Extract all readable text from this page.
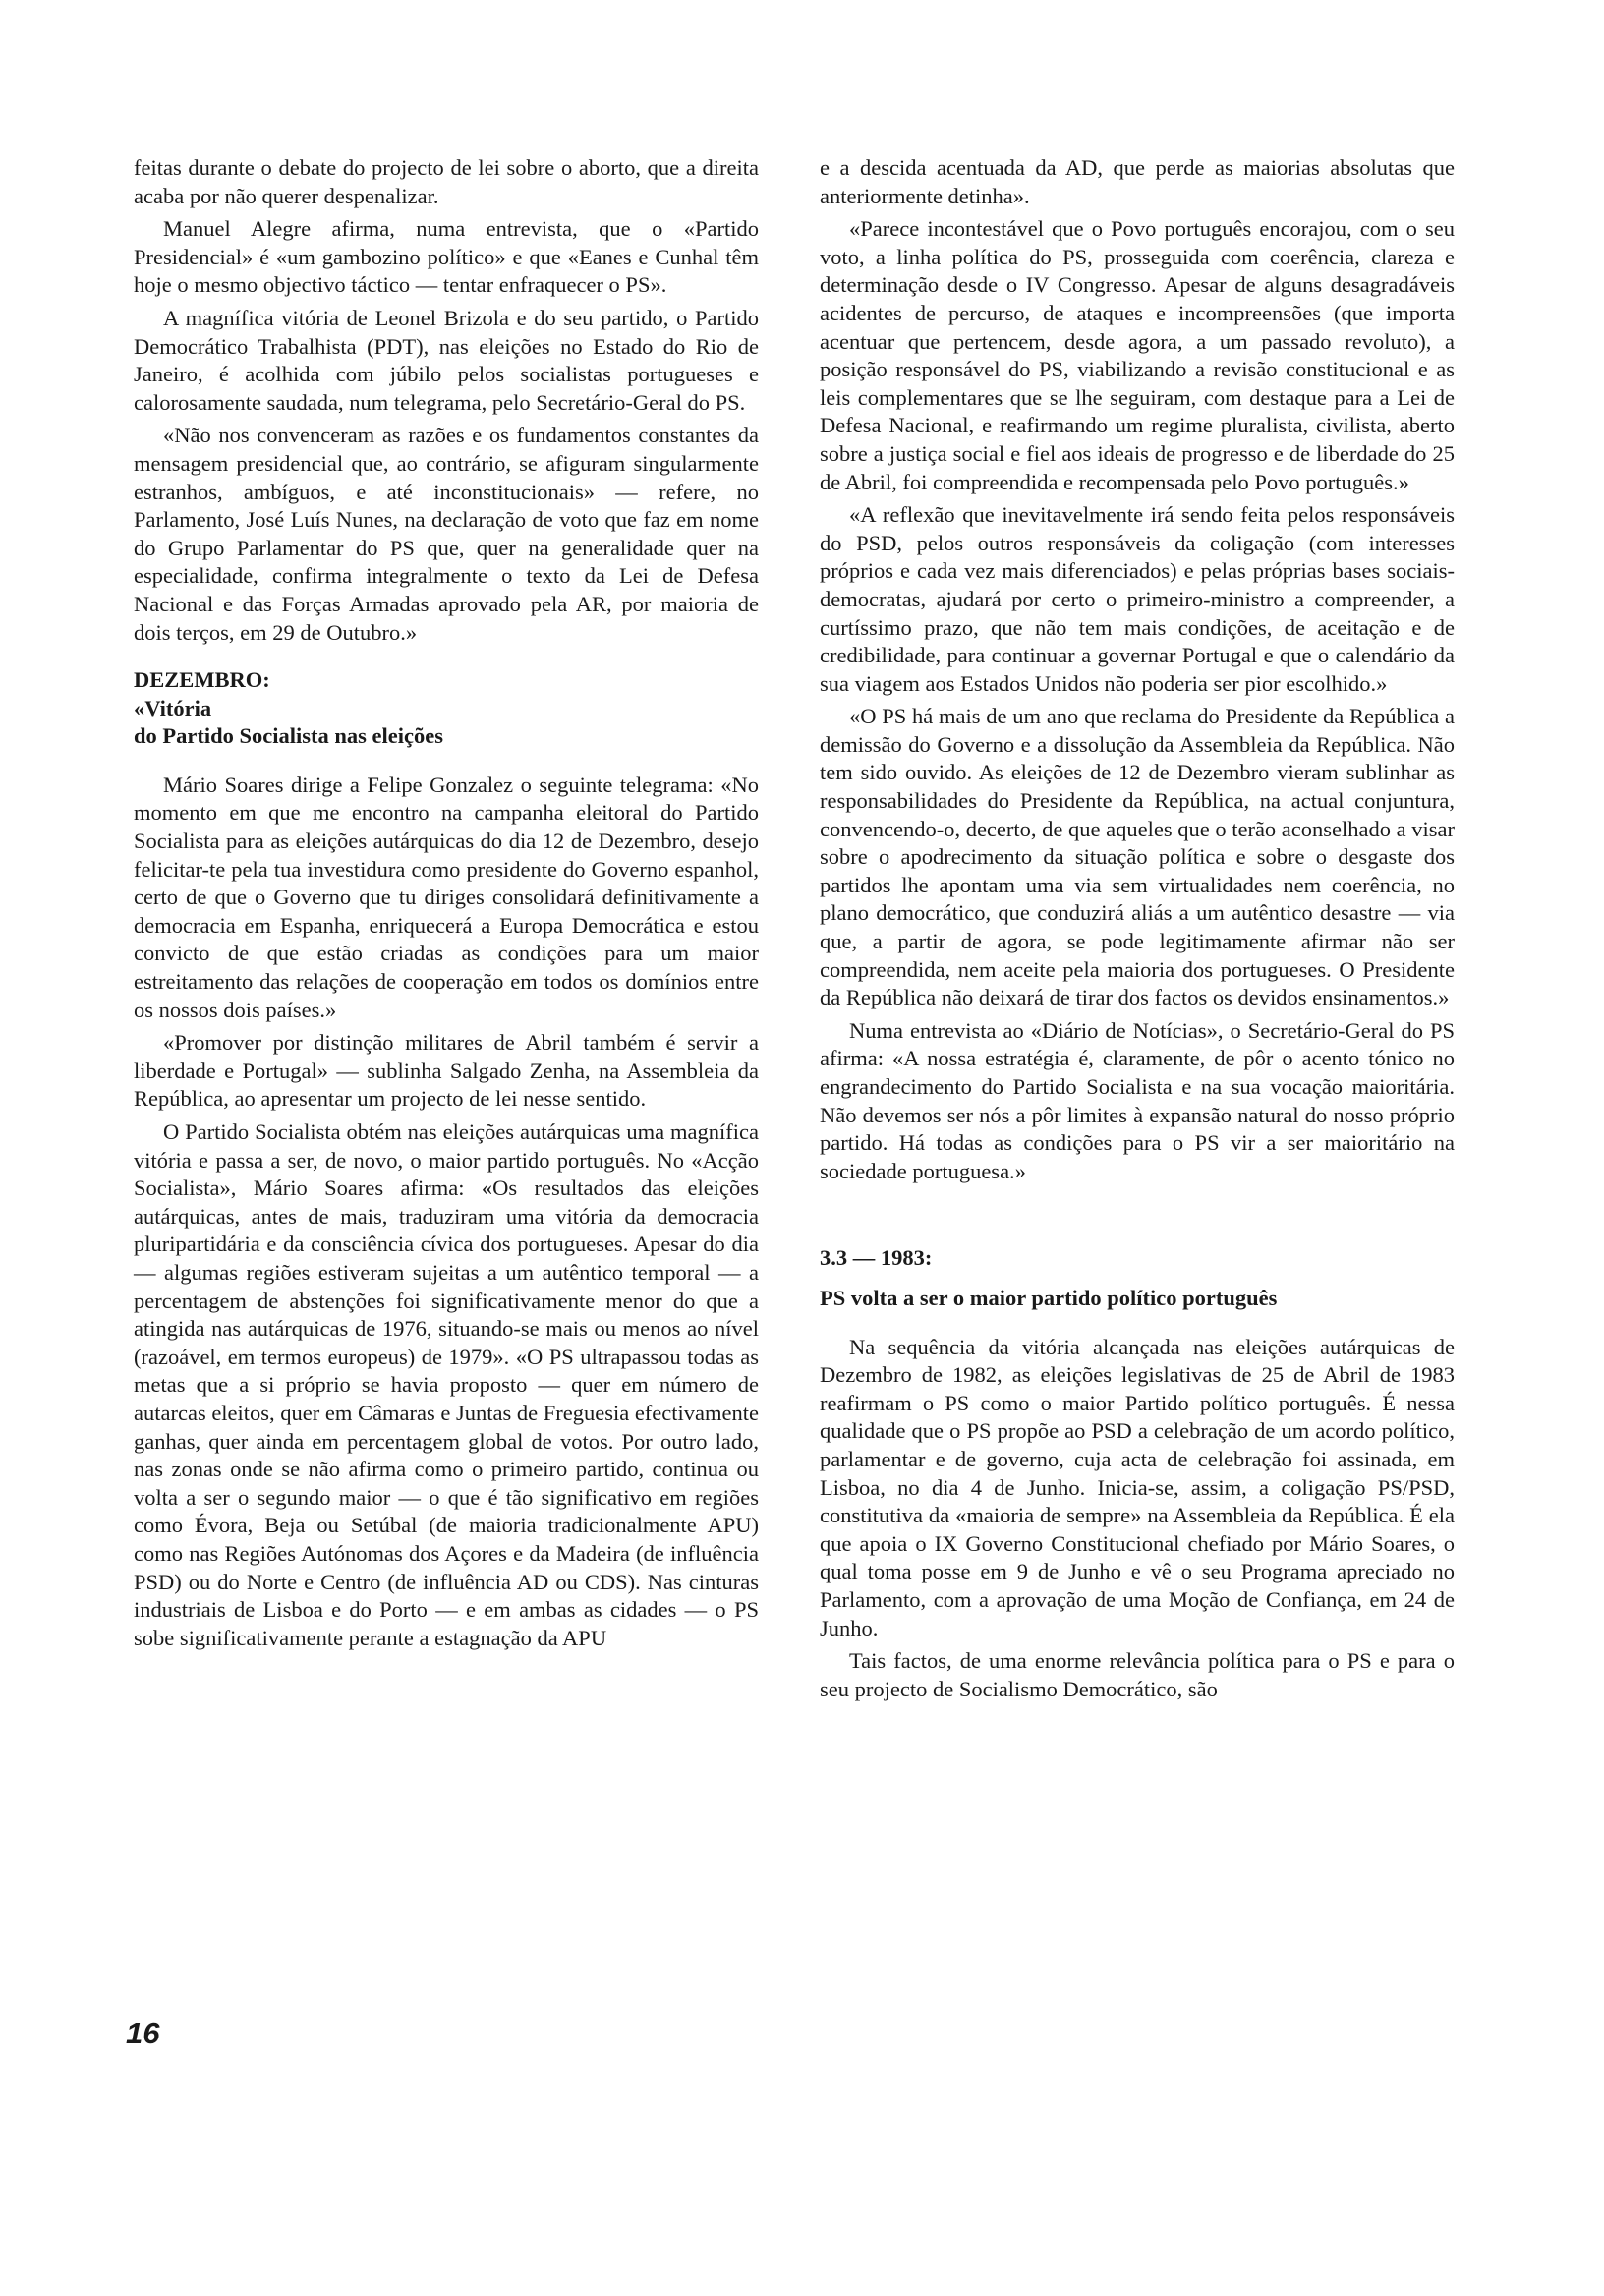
feitas durante o debate do projecto de lei sobre o aborto, que a direita acaba por não querer despenalizar.

Manuel Alegre afirma, numa entrevista, que o «Partido Presidencial» é «um gambozino político» e que «Eanes e Cunhal têm hoje o mesmo objectivo táctico — tentar enfraquecer o PS».

A magnífica vitória de Leonel Brizola e do seu partido, o Partido Democrático Trabalhista (PDT), nas eleições no Estado do Rio de Janeiro, é acolhida com júbilo pelos socialistas portugueses e calorosamente saudada, num telegrama, pelo Secretário-Geral do PS.

«Não nos convenceram as razões e os fundamentos constantes da mensagem presidencial que, ao contrário, se afiguram singularmente estranhos, ambíguos, e até inconstitucionais» — refere, no Parlamento, José Luís Nunes, na declaração de voto que faz em nome do Grupo Parlamentar do PS que, quer na generalidade quer na especialidade, confirma integralmente o texto da Lei de Defesa Nacional e das Forças Armadas aprovado pela AR, por maioria de dois terços, em 29 de Outubro.»

DEZEMBRO:
«Vitória
do Partido Socialista nas eleições

Mário Soares dirige a Felipe Gonzalez o seguinte telegrama: «No momento em que me encontro na campanha eleitoral do Partido Socialista para as eleições autárquicas do dia 12 de Dezembro, desejo felicitar-te pela tua investidura como presidente do Governo espanhol, certo de que o Governo que tu diriges consolidará definitivamente a democracia em Espanha, enriquecerá a Europa Democrática e estou convicto de que estão criadas as condições para um maior estreitamento das relações de cooperação em todos os domínios entre os nossos dois países.»

«Promover por distinção militares de Abril também é servir a liberdade e Portugal» — sublinha Salgado Zenha, na Assembleia da República, ao apresentar um projecto de lei nesse sentido.

O Partido Socialista obtém nas eleições autárquicas uma magnífica vitória e passa a ser, de novo, o maior partido português. No «Acção Socialista», Mário Soares afirma: «Os resultados das eleições autárquicas, antes de mais, traduziram uma vitória da democracia pluripartidária e da consciência cívica dos portugueses. Apesar do dia — algumas regiões estiveram sujeitas a um autêntico temporal — a percentagem de abstenções foi significativamente menor do que a atingida nas autárquicas de 1976, situando-se mais ou menos ao nível (razoável, em termos europeus) de 1979». «O PS ultrapassou todas as metas que a si próprio se havia proposto — quer em número de autarcas eleitos, quer em Câmaras e Juntas de Freguesia efectivamente ganhas, quer ainda em percentagem global de votos. Por outro lado, nas zonas onde se não afirma como o primeiro partido, continua ou volta a ser o segundo maior — o que é tão significativo em regiões como Évora, Beja ou Setúbal (de maioria tradicionalmente APU) como nas Regiões Autónomas dos Açores e da Madeira (de influência PSD) ou do Norte e Centro (de influência AD ou CDS). Nas cinturas industriais de Lisboa e do Porto — e em ambas as cidades — o PS sobe significativamente perante a estagnação da APU

e a descida acentuada da AD, que perde as maiorias absolutas que anteriormente detinha».

«Parece incontestável que o Povo português encorajou, com o seu voto, a linha política do PS, prosseguida com coerência, clareza e determinação desde o IV Congresso. Apesar de alguns desagradáveis acidentes de percurso, de ataques e incompreensões (que importa acentuar que pertencem, desde agora, a um passado revoluto), a posição responsável do PS, viabilizando a revisão constitucional e as leis complementares que se lhe seguiram, com destaque para a Lei de Defesa Nacional, e reafirmando um regime pluralista, civilista, aberto sobre a justiça social e fiel aos ideais de progresso e de liberdade do 25 de Abril, foi compreendida e recompensada pelo Povo português.»

«A reflexão que inevitavelmente irá sendo feita pelos responsáveis do PSD, pelos outros responsáveis da coligação (com interesses próprios e cada vez mais diferenciados) e pelas próprias bases sociais-democratas, ajudará por certo o primeiro-ministro a compreender, a curtíssimo prazo, que não tem mais condições, de aceitação e de credibilidade, para continuar a governar Portugal e que o calendário da sua viagem aos Estados Unidos não poderia ser pior escolhido.»

«O PS há mais de um ano que reclama do Presidente da República a demissão do Governo e a dissolução da Assembleia da República. Não tem sido ouvido. As eleições de 12 de Dezembro vieram sublinhar as responsabilidades do Presidente da República, na actual conjuntura, convencendo-o, decerto, de que aqueles que o terão aconselhado a visar sobre o apodrecimento da situação política e sobre o desgaste dos partidos lhe apontam uma via sem virtualidades nem coerência, no plano democrático, que conduzirá aliás a um autêntico desastre — via que, a partir de agora, se pode legitimamente afirmar não ser compreendida, nem aceite pela maioria dos portugueses. O Presidente da República não deixará de tirar dos factos os devidos ensinamentos.»

Numa entrevista ao «Diário de Notícias», o Secretário-Geral do PS afirma: «A nossa estratégia é, claramente, de pôr o acento tónico no engrandecimento do Partido Socialista e na sua vocação maioritária. Não devemos ser nós a pôr limites à expansão natural do nosso próprio partido. Há todas as condições para o PS vir a ser maioritário na sociedade portuguesa.»

3.3 — 1983:
PS volta a ser o maior partido político português

Na sequência da vitória alcançada nas eleições autárquicas de Dezembro de 1982, as eleições legislativas de 25 de Abril de 1983 reafirmam o PS como o maior Partido político português. É nessa qualidade que o PS propõe ao PSD a celebração de um acordo político, parlamentar e de governo, cuja acta de celebração foi assinada, em Lisboa, no dia 4 de Junho. Inicia-se, assim, a coligação PS/PSD, constitutiva da «maioria de sempre» na Assembleia da República. É ela que apoia o IX Governo Constitucional chefiado por Mário Soares, o qual toma posse em 9 de Junho e vê o seu Programa apreciado no Parlamento, com a aprovação de uma Moção de Confiança, em 24 de Junho.

Tais factos, de uma enorme relevância política para o PS e para o seu projecto de Socialismo Democrático, são

16
